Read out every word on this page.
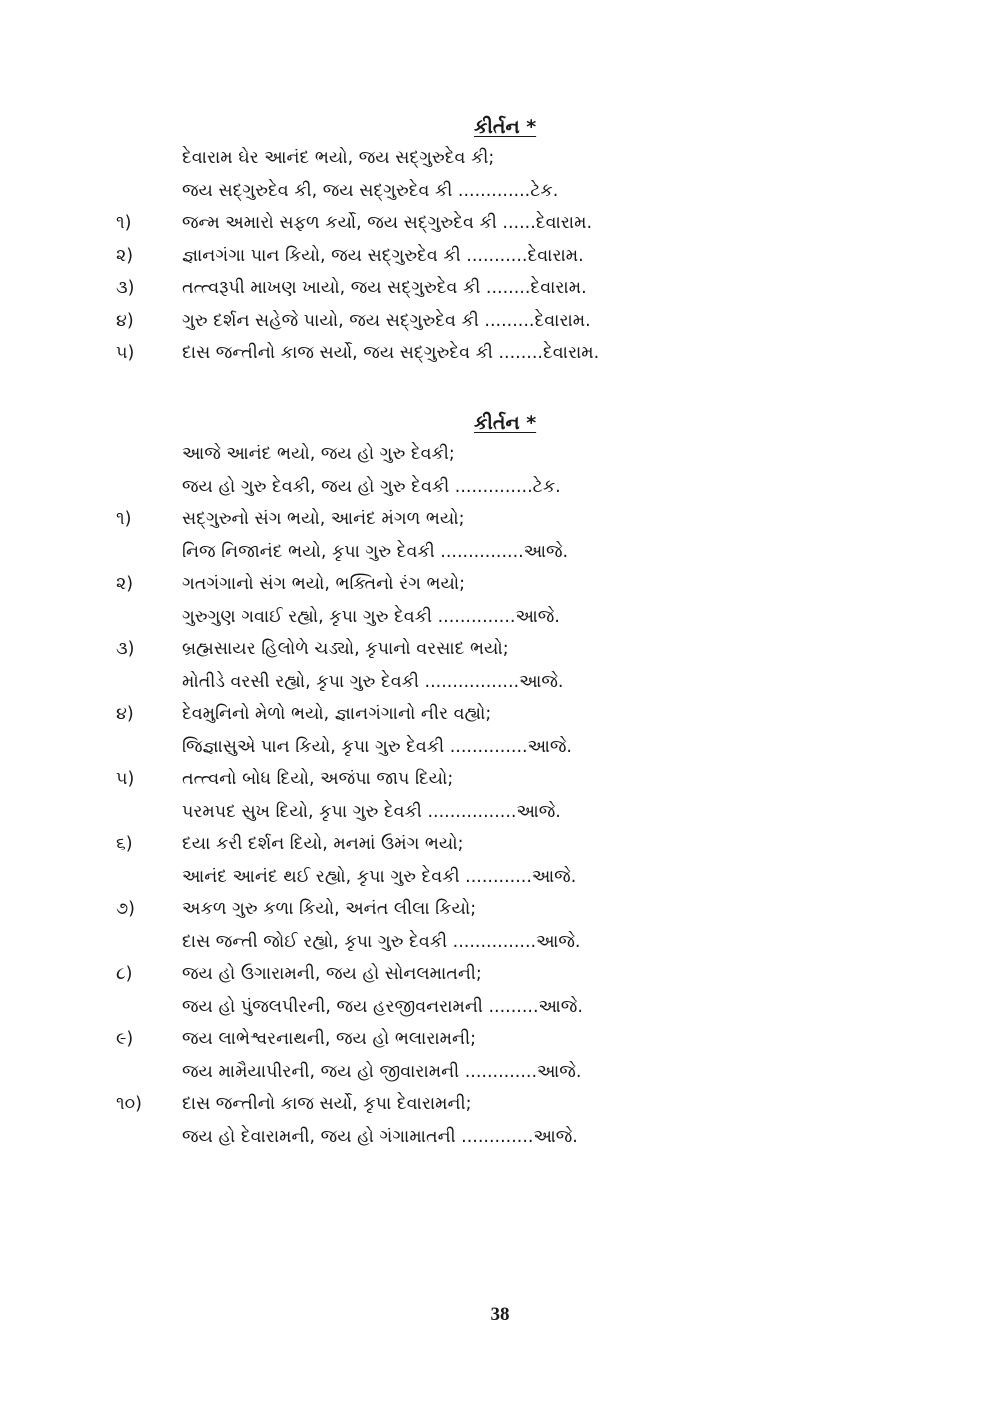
કીર્તન *
દેવારામ ઘેર આનંદ ભયો, જય સદ્‍ગુરુદેવ કી;
જય સદ્‍ગુરુદેવ કી, જય સદ્‍ગુરુદેવ કી .............ટેક.
૧)	જન્મ અમારો સફળ કર્યો, જય સદ્‍ગુરુદેવ કી ......દેવારામ.
૨)	જ્ઞાનગંગા પાન કિયો, જય સદ્‍ગુરુદેવ કી ...........દેવારામ.
૩)	તત્ત્વરૂપી માખણ ખાયો, જય સદ્‍ગુરુદેવ કી ........દેવારામ.
૪)	ગુરુ દર્શન સહેજે પાયો, જય સદ્‍ગુરુદેવ કી .........દેવારામ.
૫)	દાસ જન્તીનો કાજ સર્યો, જય સદ્‍ગુરુદેવ કી ........દેવારામ.
કીર્તન *
આજે આનંદ ભયો, જય હો ગુરુ દેવકી;
જય હો ગુરુ દેવકી, જય હો ગુરુ દેવકી ..............ટેક.
૧)	સદ્‍ગુરુનો સંગ ભયો, આનંદ મંગળ ભયો;
નિજ નિજાનંદ ભયો, કૃપા ગુરુ દેવકી ...............આજે.
૨)	ગતગંગાનો સંગ ભયો, ભક્તિનો રંગ ભયો;
ગુરુગુણ ગવાઈ રહ્યો, કૃપા ગુરુ દેવકી ..............આજે.
૩)	બ્રહ્મસાયર હિલોળે ચડ્યો, કૃપાનો વરસાદ ભયો;
મોતીડે વરસી રહ્યો, કૃપા ગુરુ દેવકી .................આજે.
૪)	દેવમુનિનો મેળો ભયો, જ્ઞાનગંગાનો નીર વહ્યો;
જિજ્ઞાસુએ પાન કિયો, કૃપા ગુરુ દેવકી ..............આજે.
૫)	તત્ત્વનો બોધ દિયો, અજંપા જાપ દિયો;
પરમપદ સુખ દિયો, કૃપા ગુરુ દેવકી ................આજે.
૬)	દયા કરી દર્શન દિયો, મનમાં ઉમંગ ભયો;
આનંદ આનંદ થઈ રહ્યો, કૃપા ગુરુ દેવકી ............આજે.
૭)	અકળ ગુરુ કળા કિયો, અનંત લીલા કિયો;
દાસ જન્તી જોઈ રહ્યો, કૃપા ગુરુ દેવકી ...............આજે.
૮)	જય હો ઉગારામની, જય હો સોનલમાતની;
જય હો પુંજલપીરની, જય હરજીવનરામની .........આજે.
૯)	જય લાભેશ્વરનાથની, જય હો ભલારામની;
જય મામૈયાપીરની, જય હો જીવારામની .............આજે.
૧૦) દાસ જન્તીનો કાજ સર્યો, કૃપા દેવારામની;
જય હો દેવારામની, જય હો ગંગામાતની .............આજે.
38
